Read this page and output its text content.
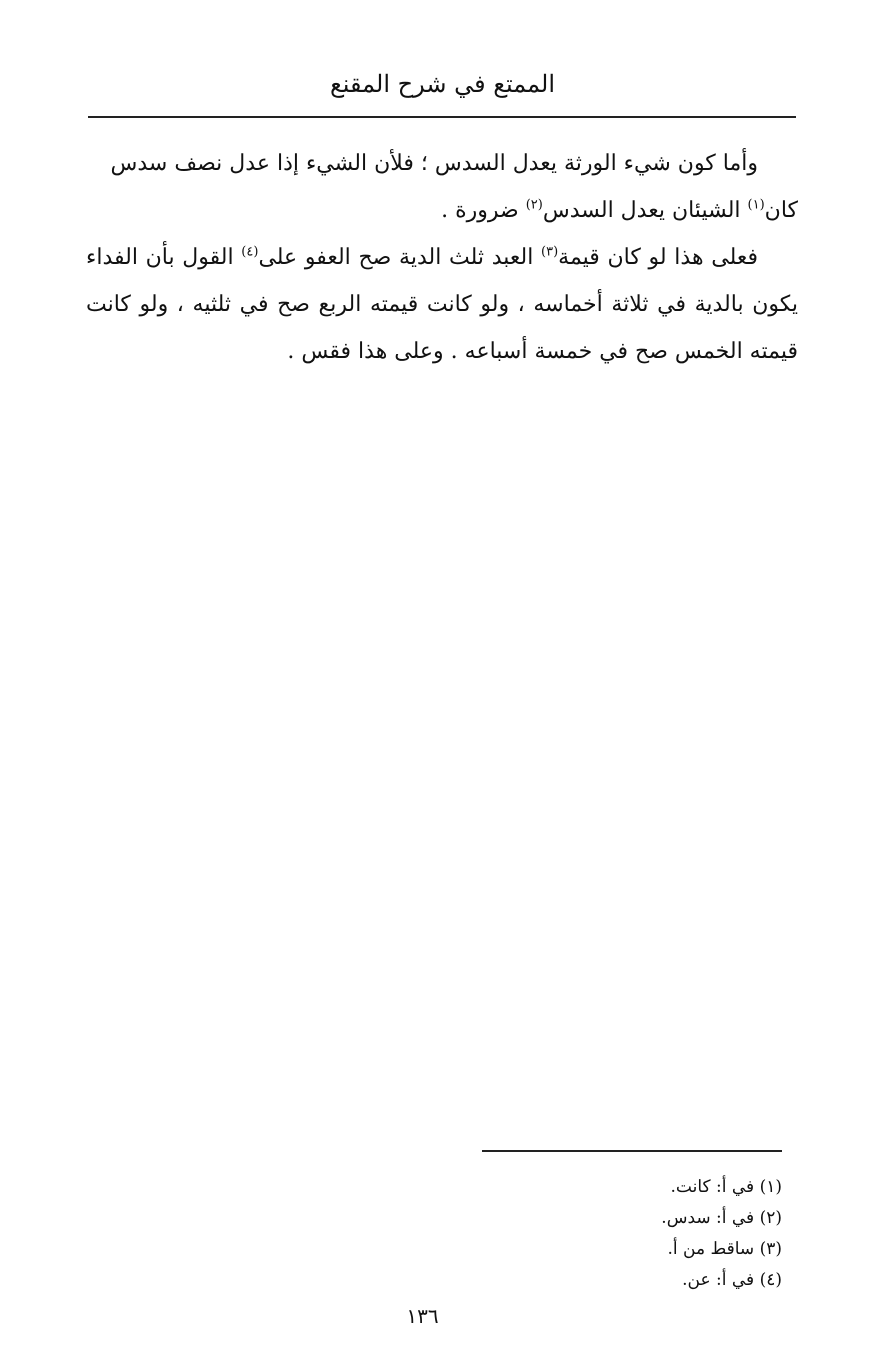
الممتع في شرح المقنع

وأما كون شيء الورثة يعدل السدس ؛ فلأن الشيء إذا عدل نصف سدس
كان$^{(١)}$ الشيئان يعدل السدس$^{(٢)}$ ضرورة .

فعلى هذا لو كان قيمة$^{(٣)}$ العبد ثلث الدية صح العفو على$^{(٤)}$ القول بأن الفداء يكون بالدية في ثلاثة أخماسه ، ولو كانت قيمته الربع صح في ثلثيه ، ولو كانت قيمته الخمس صح في خمسة أسباعه . وعلى هذا فقس .

(١) في أ: كانت.
(٢) في أ: سدس.
(٣) ساقط من أ.
(٤) في أ: عن.
١٣٦
